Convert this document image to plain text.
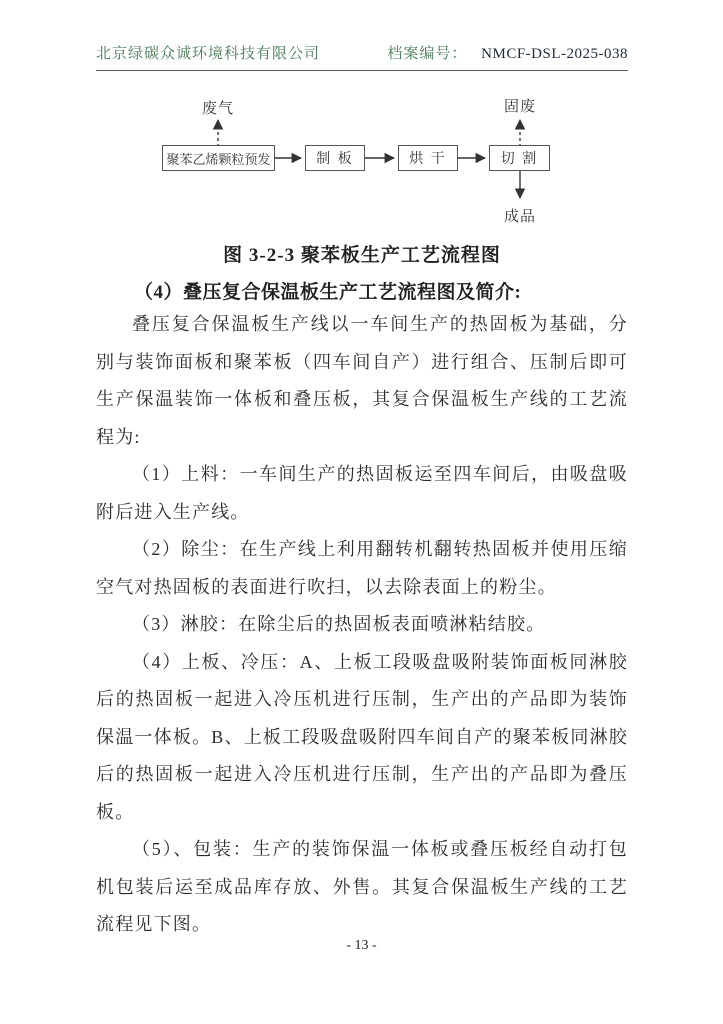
北京绿碳众诚环境科技有限公司	档案编号： NMCF-DSL-2025-038
废气	固废
成品
聚苯乙烯颗粒预发	制 板	烘 干	切 割
图 3-2-3 聚苯板生产工艺流程图
（4）叠压复合保温板生产工艺流程图及简介:

叠压复合保温板生产线以一车间生产的热固板为基础，分别与装饰面板和聚苯板（四车间自产）进行组合、压制后即可生产保温装饰一体板和叠压板，其复合保温板生产线的工艺流程为:

（1）上料：一车间生产的热固板运至四车间后，由吸盘吸附后进入生产线。

（2）除尘：在生产线上利用翻转机翻转热固板并使用压缩空气对热固板的表面进行吹扫，以去除表面上的粉尘。

（3）淋胶：在除尘后的热固板表面喷淋粘结胶。

（4）上板、冷压：A、上板工段吸盘吸附装饰面板同淋胶后的热固板一起进入冷压机进行压制，生产出的产品即为装饰保温一体板。B、上板工段吸盘吸附四车间自产的聚苯板同淋胶后的热固板一起进入冷压机进行压制，生产出的产品即为叠压板。

（5）、包装：生产的装饰保温一体板或叠压板经自动打包机包装后运至成品库存放、外售。其复合保温板生产线的工艺流程见下图。

- 13 -
